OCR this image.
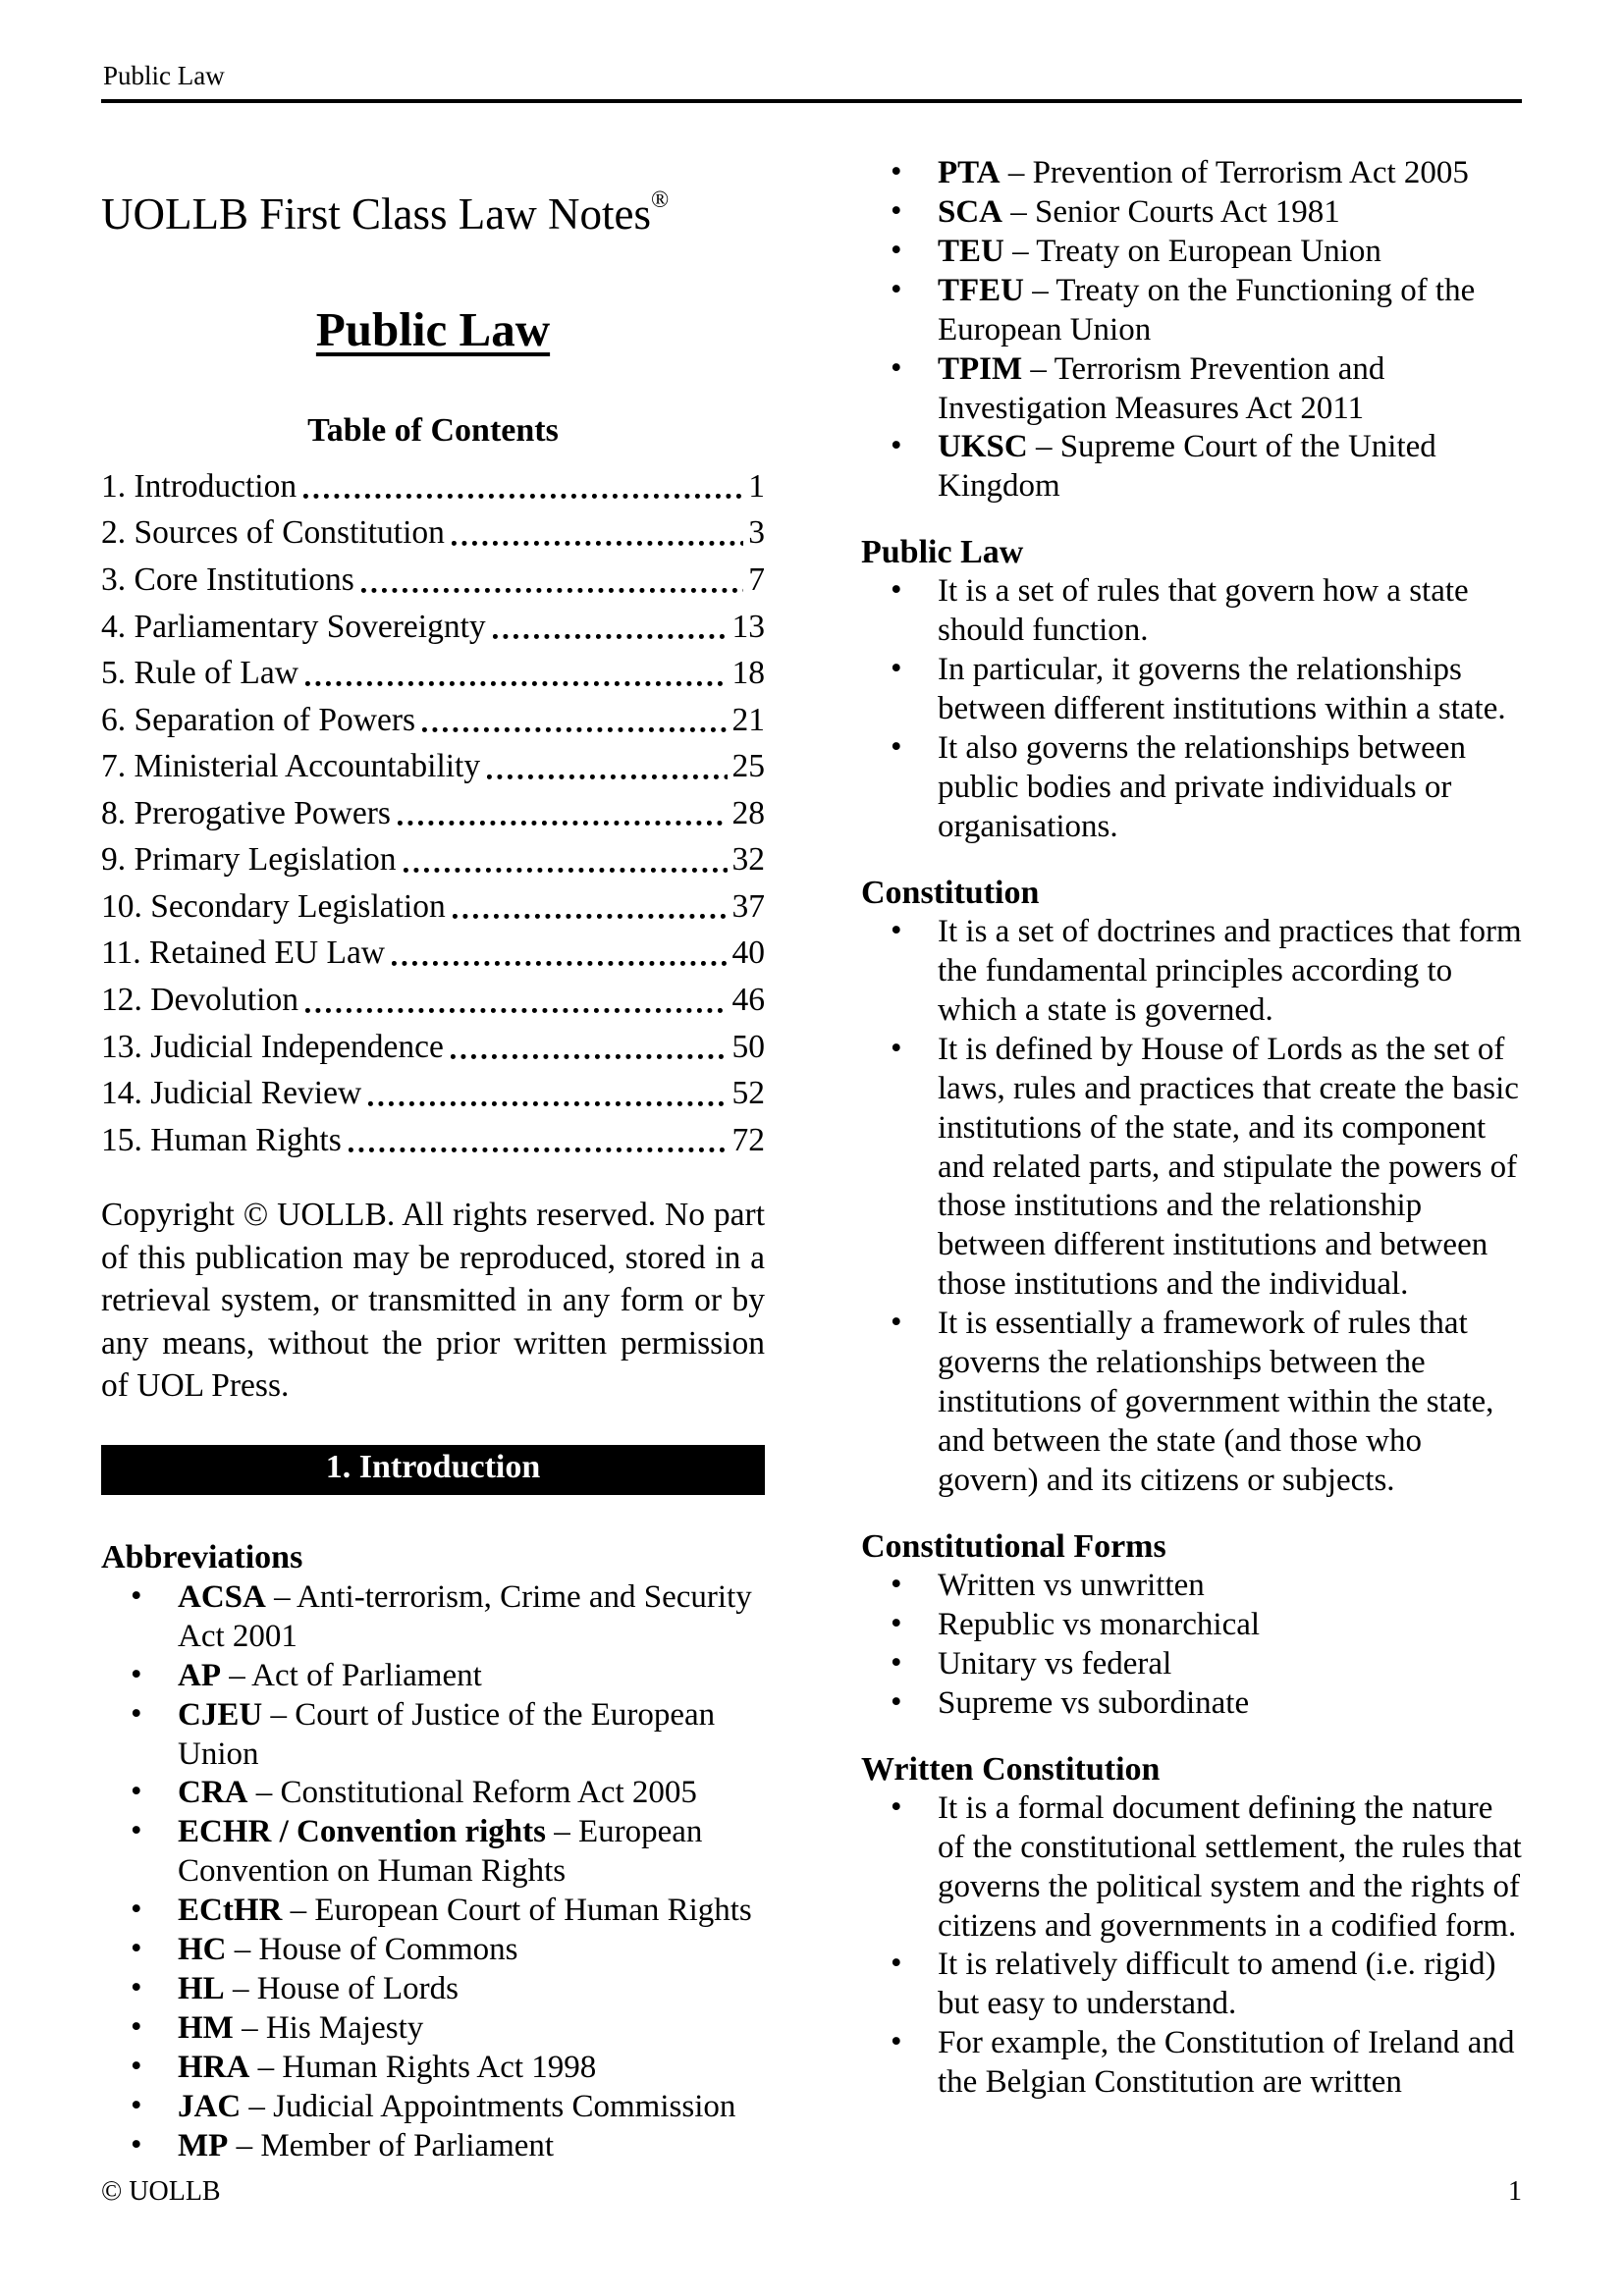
Public Law
UOLLB First Class Law Notes®
Public Law
Table of Contents
1. Introduction	1
2. Sources of Constitution	3
3. Core Institutions	7
4. Parliamentary Sovereignty	13
5. Rule of Law	18
6. Separation of Powers	21
7. Ministerial Accountability	25
8. Prerogative Powers	28
9. Primary Legislation	32
10. Secondary Legislation	37
11. Retained EU Law	40
12. Devolution	46
13. Judicial Independence	50
14. Judicial Review	52
15. Human Rights	72

Copyright © UOLLB. All rights reserved. No part of this publication may be reproduced, stored in a retrieval system, or transmitted in any form or by any means, without the prior written permission of UOL Press.

1. Introduction
Abbreviations
• ACSA – Anti-terrorism, Crime and Security Act 2001
• AP – Act of Parliament
• CJEU – Court of Justice of the European Union
• CRA – Constitutional Reform Act 2005
• ECHR / Convention rights – European Convention on Human Rights
• ECtHR – European Court of Human Rights
• HC – House of Commons
• HL – House of Lords
• HM – His Majesty
• HRA – Human Rights Act 1998
• JAC – Judicial Appointments Commission
• MP – Member of Parliament
• PTA – Prevention of Terrorism Act 2005
• SCA – Senior Courts Act 1981
• TEU – Treaty on European Union
• TFEU – Treaty on the Functioning of the European Union
• TPIM – Terrorism Prevention and Investigation Measures Act 2011
• UKSC – Supreme Court of the United Kingdom
Public Law
• It is a set of rules that govern how a state should function.
• In particular, it governs the relationships between different institutions within a state.
• It also governs the relationships between public bodies and private individuals or organisations.
Constitution
• It is a set of doctrines and practices that form the fundamental principles according to which a state is governed.
• It is defined by House of Lords as the set of laws, rules and practices that create the basic institutions of the state, and its component and related parts, and stipulate the powers of those institutions and the relationship between different institutions and between those institutions and the individual.
• It is essentially a framework of rules that governs the relationships between the institutions of government within the state, and between the state (and those who govern) and its citizens or subjects.
Constitutional Forms
• Written vs unwritten
• Republic vs monarchical
• Unitary vs federal
• Supreme vs subordinate
Written Constitution
• It is a formal document defining the nature of the constitutional settlement, the rules that governs the political system and the rights of citizens and governments in a codified form.
• It is relatively difficult to amend (i.e. rigid) but easy to understand.
• For example, the Constitution of Ireland and the Belgian Constitution are written
© UOLLB	1
